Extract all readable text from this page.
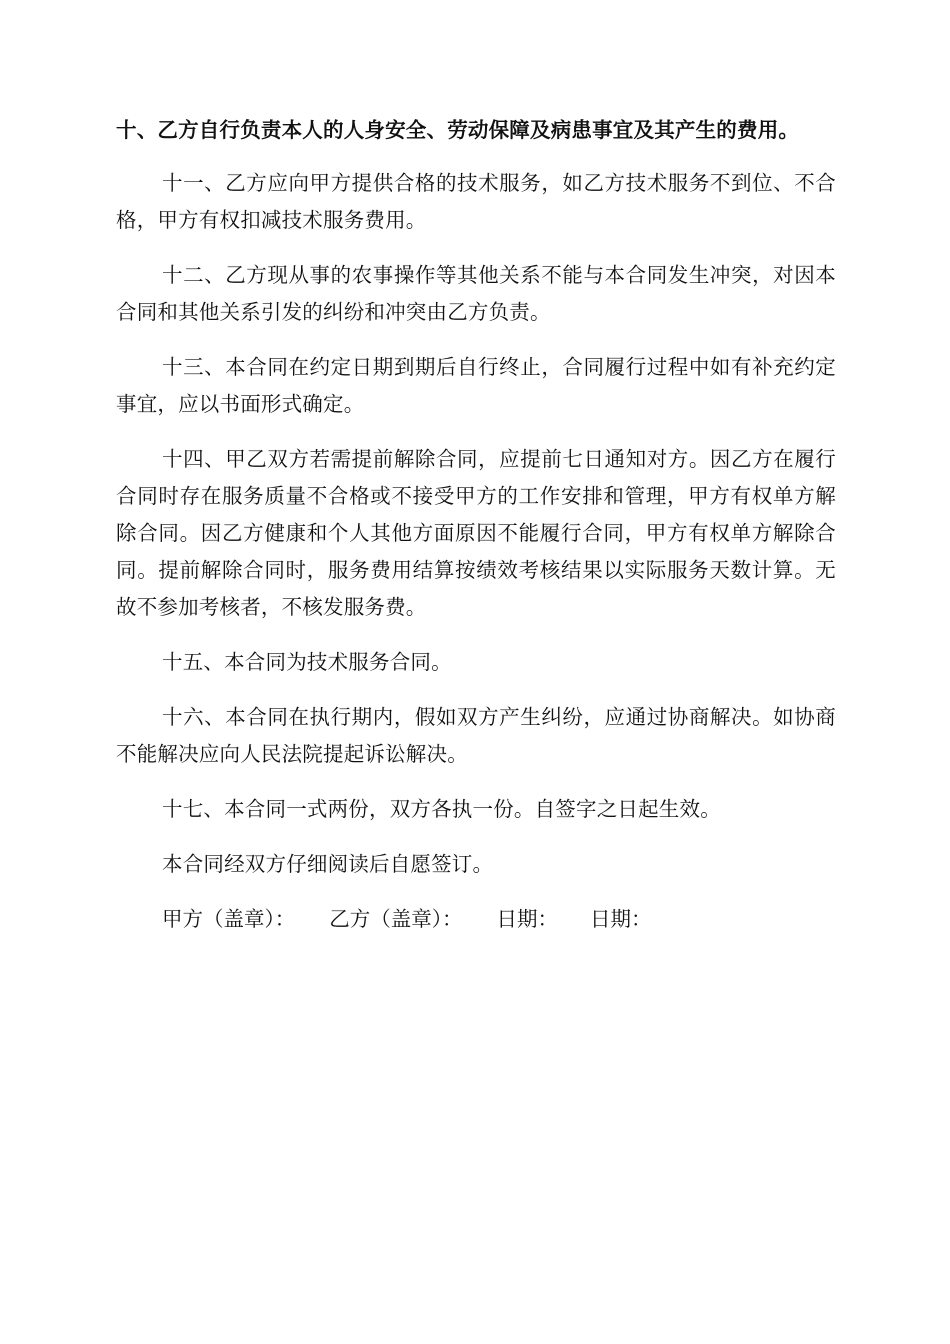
十、乙方自行负责本人的人身安全、劳动保障及病患事宜及其产生的费用。

十一、乙方应向甲方提供合格的技术服务，如乙方技术服务不到位、不合格，甲方有权扣减技术服务费用。

十二、乙方现从事的农事操作等其他关系不能与本合同发生冲突，对因本合同和其他关系引发的纠纷和冲突由乙方负责。

十三、本合同在约定日期到期后自行终止，合同履行过程中如有补充约定事宜，应以书面形式确定。

十四、甲乙双方若需提前解除合同，应提前七日通知对方。因乙方在履行合同时存在服务质量不合格或不接受甲方的工作安排和管理，甲方有权单方解除合同。因乙方健康和个人其他方面原因不能履行合同，甲方有权单方解除合同。提前解除合同时，服务费用结算按绩效考核结果以实际服务天数计算。无故不参加考核者，不核发服务费。

十五、本合同为技术服务合同。

十六、本合同在执行期内，假如双方产生纠纷，应通过协商解决。如协商不能解决应向人民法院提起诉讼解决。

十七、本合同一式两份，双方各执一份。自签字之日起生效。

本合同经双方仔细阅读后自愿签订。

甲方（盖章）： 乙方（盖章）： 日期： 日期：
